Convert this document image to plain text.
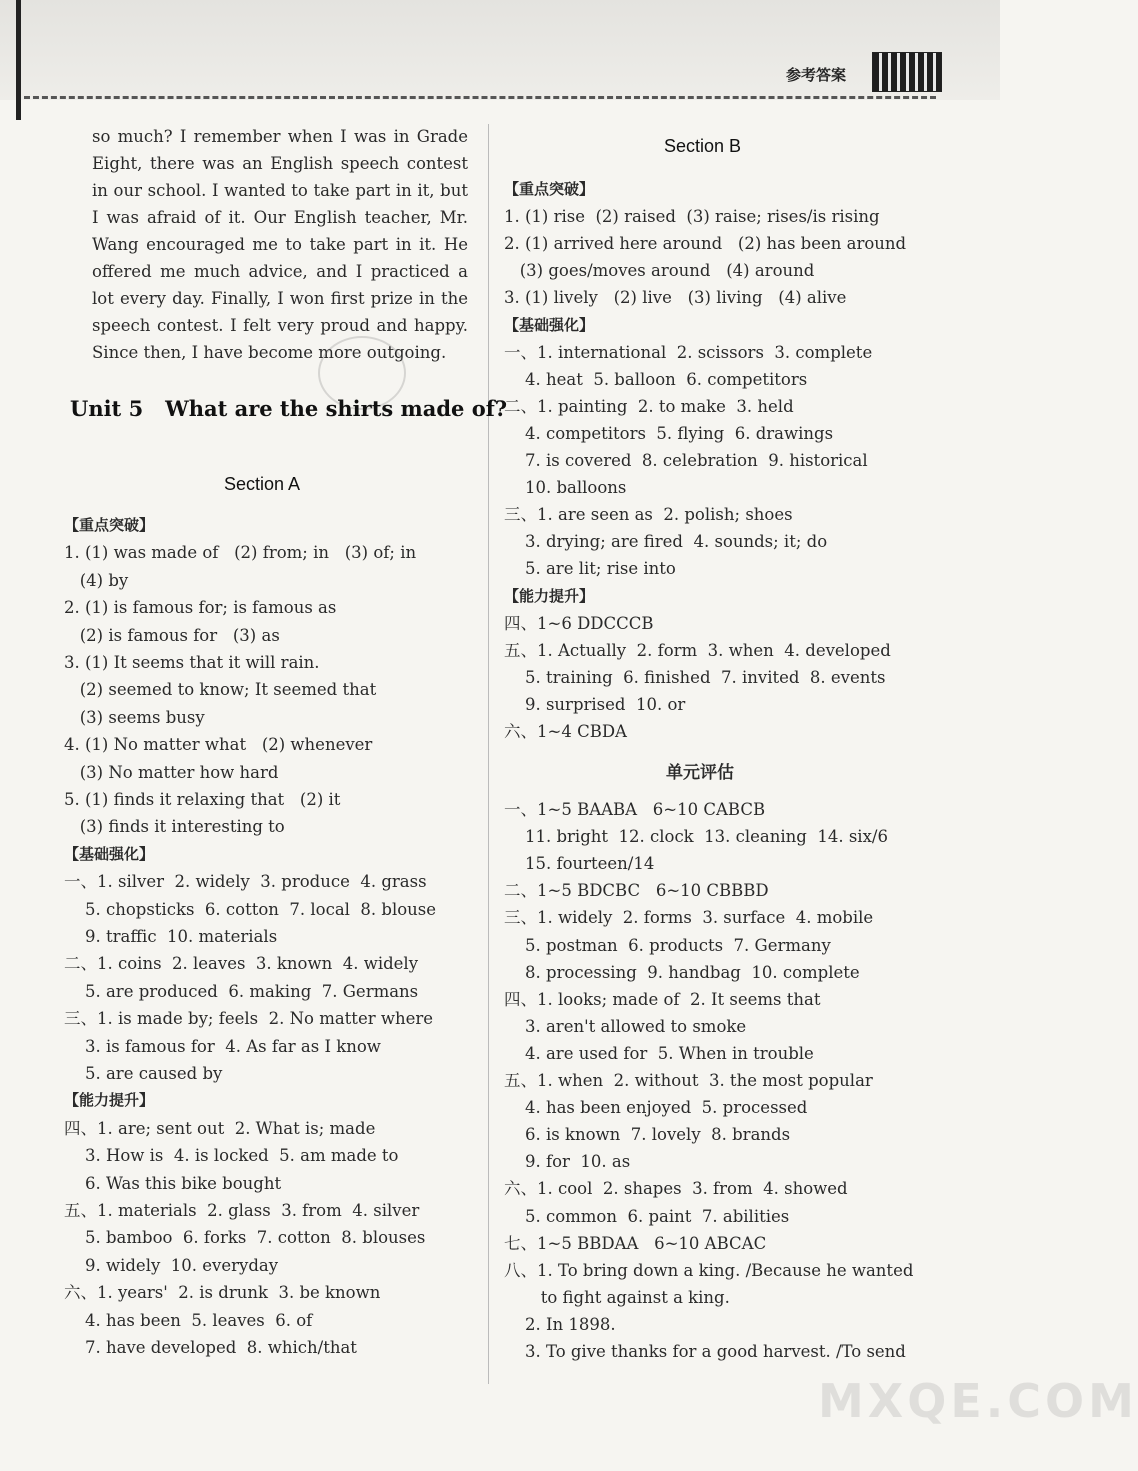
参考答案
so much? I remember when I was in Grade Eight, there was an English speech contest in our school. I wanted to take part in it, but I was afraid of it. Our English teacher, Mr. Wang encouraged me to take part in it. He offered me much advice, and I practiced a lot every day. Finally, I won first prize in the speech contest. I felt very proud and happy. Since then, I have become more outgoing.
Unit 5   What are the shirts made of?
Section A
【重点突破】
1. (1) was made of   (2) from; in   (3) of; in
(4) by
2. (1) is famous for; is famous as
(2) is famous for   (3) as
3. (1) It seems that it will rain.
(2) seemed to know; It seemed that
(3) seems busy
4. (1) No matter what   (2) whenever
(3) No matter how hard
5. (1) finds it relaxing that   (2) it
(3) finds it interesting to
【基础强化】
一、1. silver  2. widely  3. produce  4. grass
5. chopsticks  6. cotton  7. local  8. blouse
9. traffic  10. materials
二、1. coins  2. leaves  3. known  4. widely
5. are produced  6. making  7. Germans
三、1. is made by; feels  2. No matter where
3. is famous for  4. As far as I know
5. are caused by
【能力提升】
四、1. are; sent out  2. What is; made
3. How is  4. is locked  5. am made to
6. Was this bike bought
五、1. materials  2. glass  3. from  4. silver
5. bamboo  6. forks  7. cotton  8. blouses
9. widely  10. everyday
六、1. years'  2. is drunk  3. be known
4. has been  5. leaves  6. of
7. have developed  8. which/that
Section B
【重点突破】
1. (1) rise  (2) raised  (3) raise; rises/is rising
2. (1) arrived here around   (2) has been around
(3) goes/moves around   (4) around
3. (1) lively   (2) live   (3) living   (4) alive
【基础强化】
一、1. international  2. scissors  3. complete
4. heat  5. balloon  6. competitors
二、1. painting  2. to make  3. held
4. competitors  5. flying  6. drawings
7. is covered  8. celebration  9. historical
10. balloons
三、1. are seen as  2. polish; shoes
3. drying; are fired  4. sounds; it; do
5. are lit; rise into
【能力提升】
四、1~6 DDCCCB
五、1. Actually  2. form  3. when  4. developed
5. training  6. finished  7. invited  8. events
9. surprised  10. or
六、1~4 CBDA
单元评估
一、1~5 BAABA   6~10 CABCB
11. bright  12. clock  13. cleaning  14. six/6
15. fourteen/14
二、1~5 BDCBC   6~10 CBBBD
三、1. widely  2. forms  3. surface  4. mobile
5. postman  6. products  7. Germany
8. processing  9. handbag  10. complete
四、1. looks; made of  2. It seems that
3. aren't allowed to smoke
4. are used for  5. When in trouble
五、1. when  2. without  3. the most popular
4. has been enjoyed  5. processed
6. is known  7. lovely  8. brands
9. for  10. as
六、1. cool  2. shapes  3. from  4. showed
5. common  6. paint  7. abilities
七、1~5 BBDAA   6~10 ABCAC
八、1. To bring down a king. /Because he wanted
to fight against a king.
2. In 1898.
3. To give thanks for a good harvest. /To send
MXQE.COM
